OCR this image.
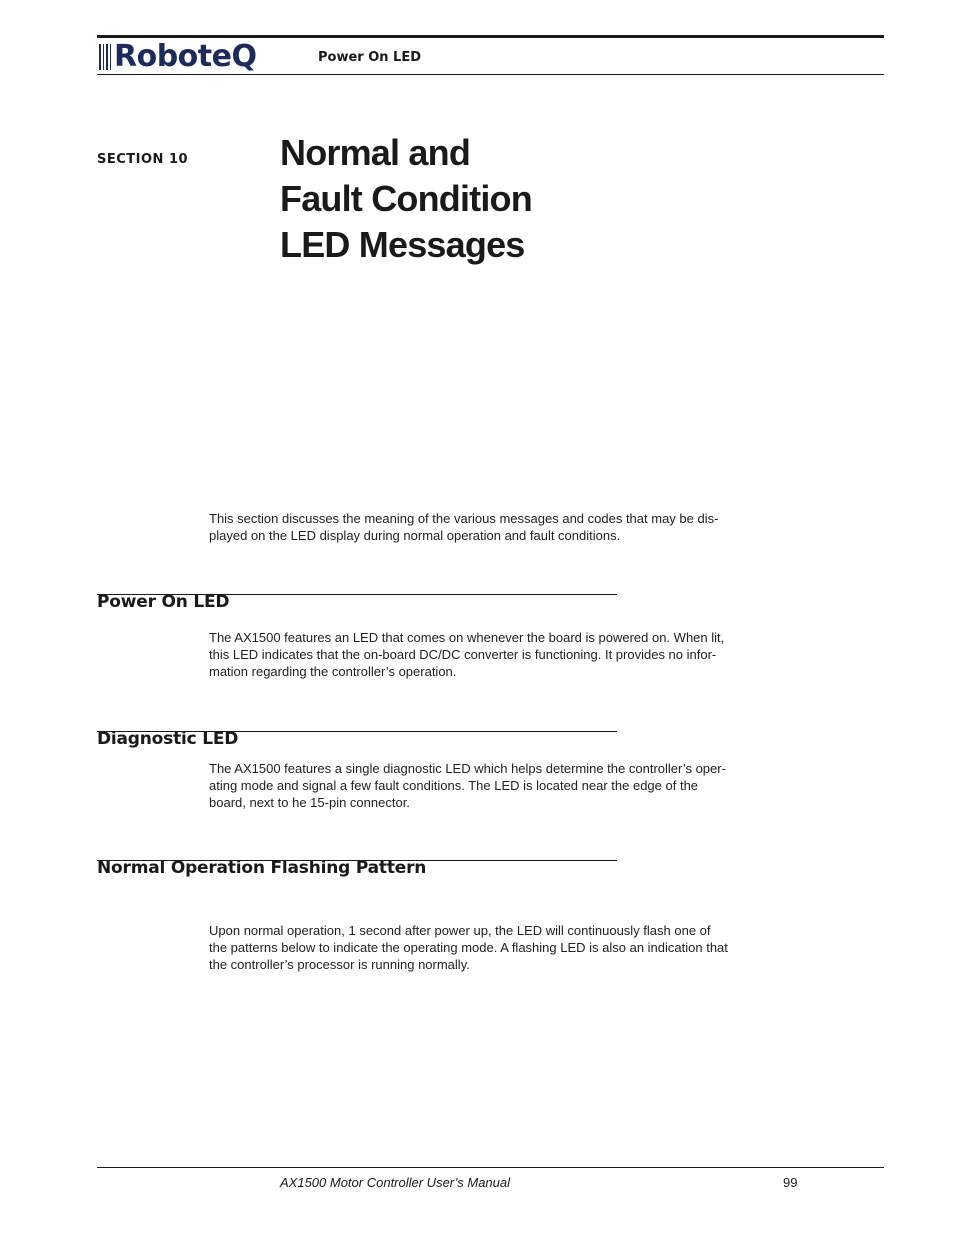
RoboteQ	Power On LED
SECTION 10	Normal and
Fault Condition
LED Messages

This section discusses the meaning of the various messages and codes that may be dis-
played on the LED display during normal operation and fault conditions.

Power On LED

The AX1500 features an LED that comes on whenever the board is powered on. When lit,
this LED indicates that the on-board DC/DC converter is functioning. It provides no infor-
mation regarding the controller’s operation.

Diagnostic LED

The AX1500 features a single diagnostic LED which helps determine the controller’s oper-
ating mode and signal a few fault conditions. The LED is located near the edge of the
board, next to he 15-pin connector.

Normal Operation Flashing Pattern

Upon normal operation, 1 second after power up, the LED will continuously flash one of
the patterns below to indicate the operating mode. A flashing LED is also an indication that
the controller’s processor is running normally.

AX1500 Motor Controller User’s Manual	99
